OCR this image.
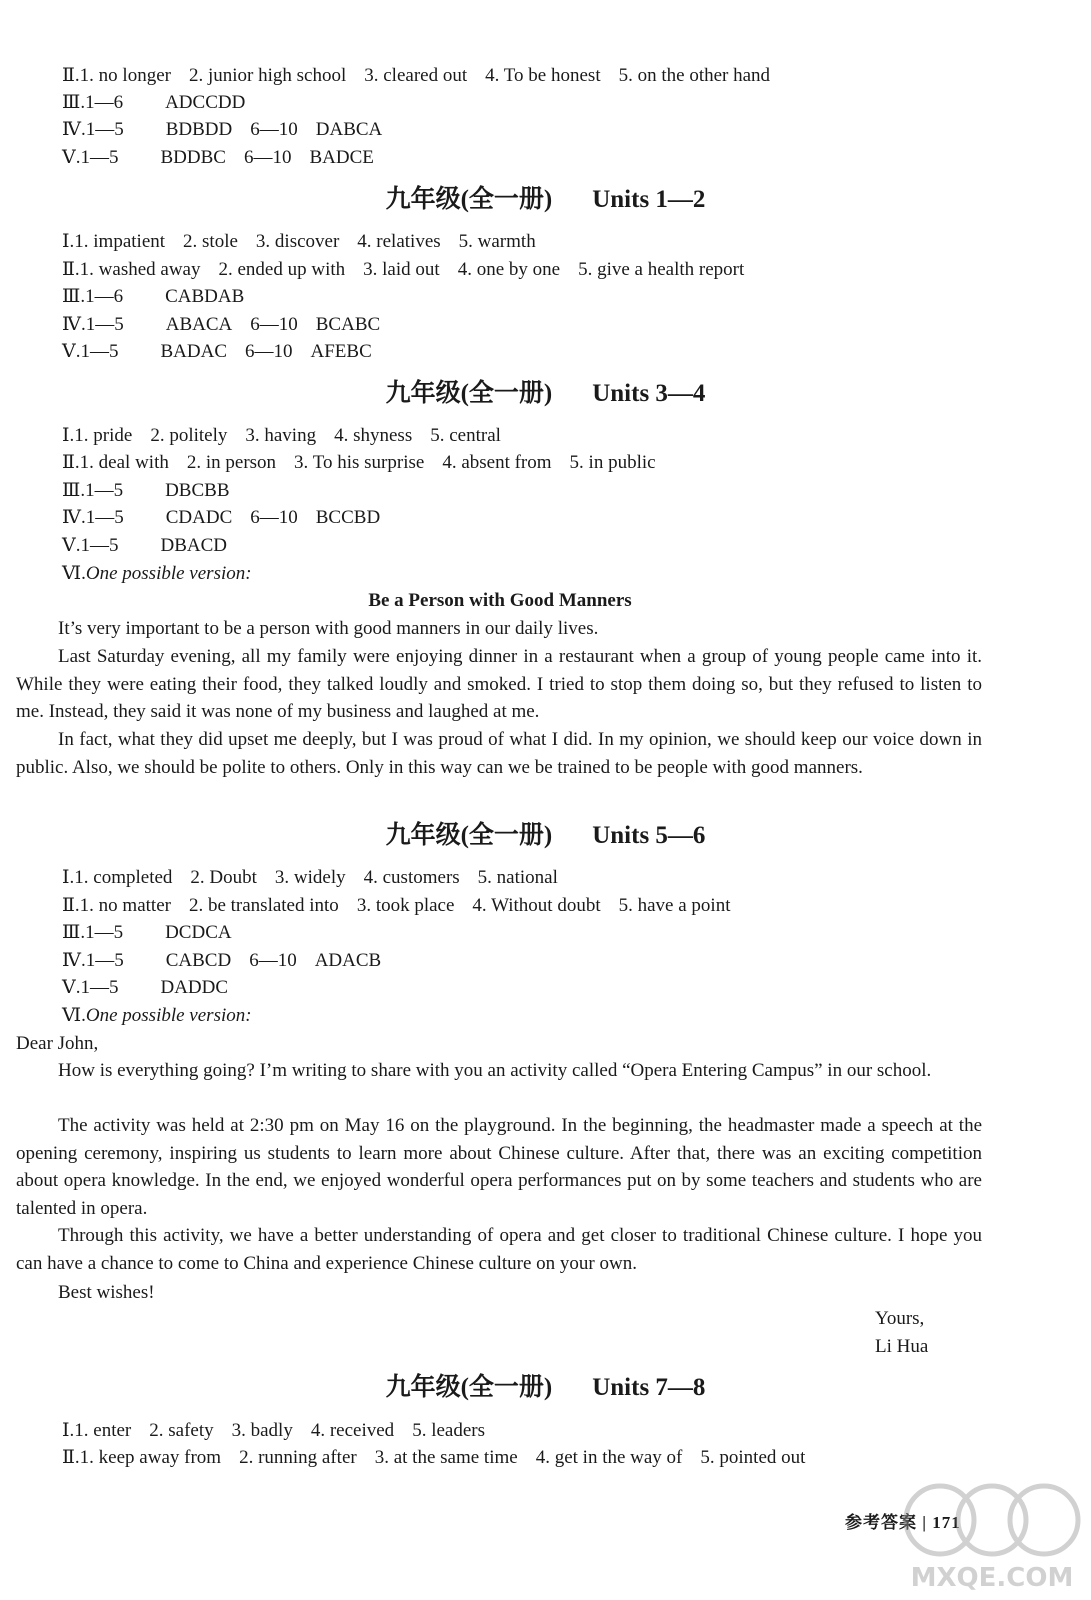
Ⅱ.1. no longer 2. junior high school 3. cleared out 4. To be honest 5. on the other hand
Ⅲ.1—6 ADCCDD
Ⅳ.1—5 BDBDD 6—10 DABCA
Ⅴ.1—5 BDDBC 6—10 BADCE
九年级(全一册) Units 1—2
Ⅰ.1. impatient 2. stole 3. discover 4. relatives 5. warmth
Ⅱ.1. washed away 2. ended up with 3. laid out 4. one by one 5. give a health report
Ⅲ.1—6 CABDAB
Ⅳ.1—5 ABACA 6—10 BCABC
Ⅴ.1—5 BADAC 6—10 AFEBC
九年级(全一册) Units 3—4
Ⅰ.1. pride 2. politely 3. having 4. shyness 5. central
Ⅱ.1. deal with 2. in person 3. To his surprise 4. absent from 5. in public
Ⅲ.1—5 DBCBB
Ⅳ.1—5 CDADC 6—10 BCCBD
Ⅴ.1—5 DBACD
Ⅵ.One possible version:
Be a Person with Good Manners

It’s very important to be a person with good manners in our daily lives.

Last Saturday evening, all my family were enjoying dinner in a restaurant when a group of young people came into it. While they were eating their food, they talked loudly and smoked. I tried to stop them doing so, but they refused to listen to me. Instead, they said it was none of my business and laughed at me.

In fact, what they did upset me deeply, but I was proud of what I did. In my opinion, we should keep our voice down in public. Also, we should be polite to others. Only in this way can we be trained to be people with good manners.

九年级(全一册) Units 5—6
Ⅰ.1. completed 2. Doubt 3. widely 4. customers 5. national
Ⅱ.1. no matter 2. be translated into 3. took place 4. Without doubt 5. have a point
Ⅲ.1—5 DCDCA
Ⅳ.1—5 CABCD 6—10 ADACB
Ⅴ.1—5 DADDC
Ⅵ.One possible version:

Dear John,

How is everything going? I’m writing to share with you an activity called “Opera Entering Campus” in our school.

The activity was held at 2:30 pm on May 16 on the playground. In the beginning, the headmaster made a speech at the opening ceremony, inspiring us students to learn more about Chinese culture. After that, there was an exciting competition about opera knowledge. In the end, we enjoyed wonderful opera performances put on by some teachers and students who are talented in opera.

Through this activity, we have a better understanding of opera and get closer to traditional Chinese culture. I hope you can have a chance to come to China and experience Chinese culture on your own.

Best wishes!

Yours,
Li Hua
九年级(全一册) Units 7—8
Ⅰ.1. enter 2. safety 3. badly 4. received 5. leaders
Ⅱ.1. keep away from 2. running after 3. at the same time 4. get in the way of 5. pointed out
参考答案 | 171
MXQE.COM
